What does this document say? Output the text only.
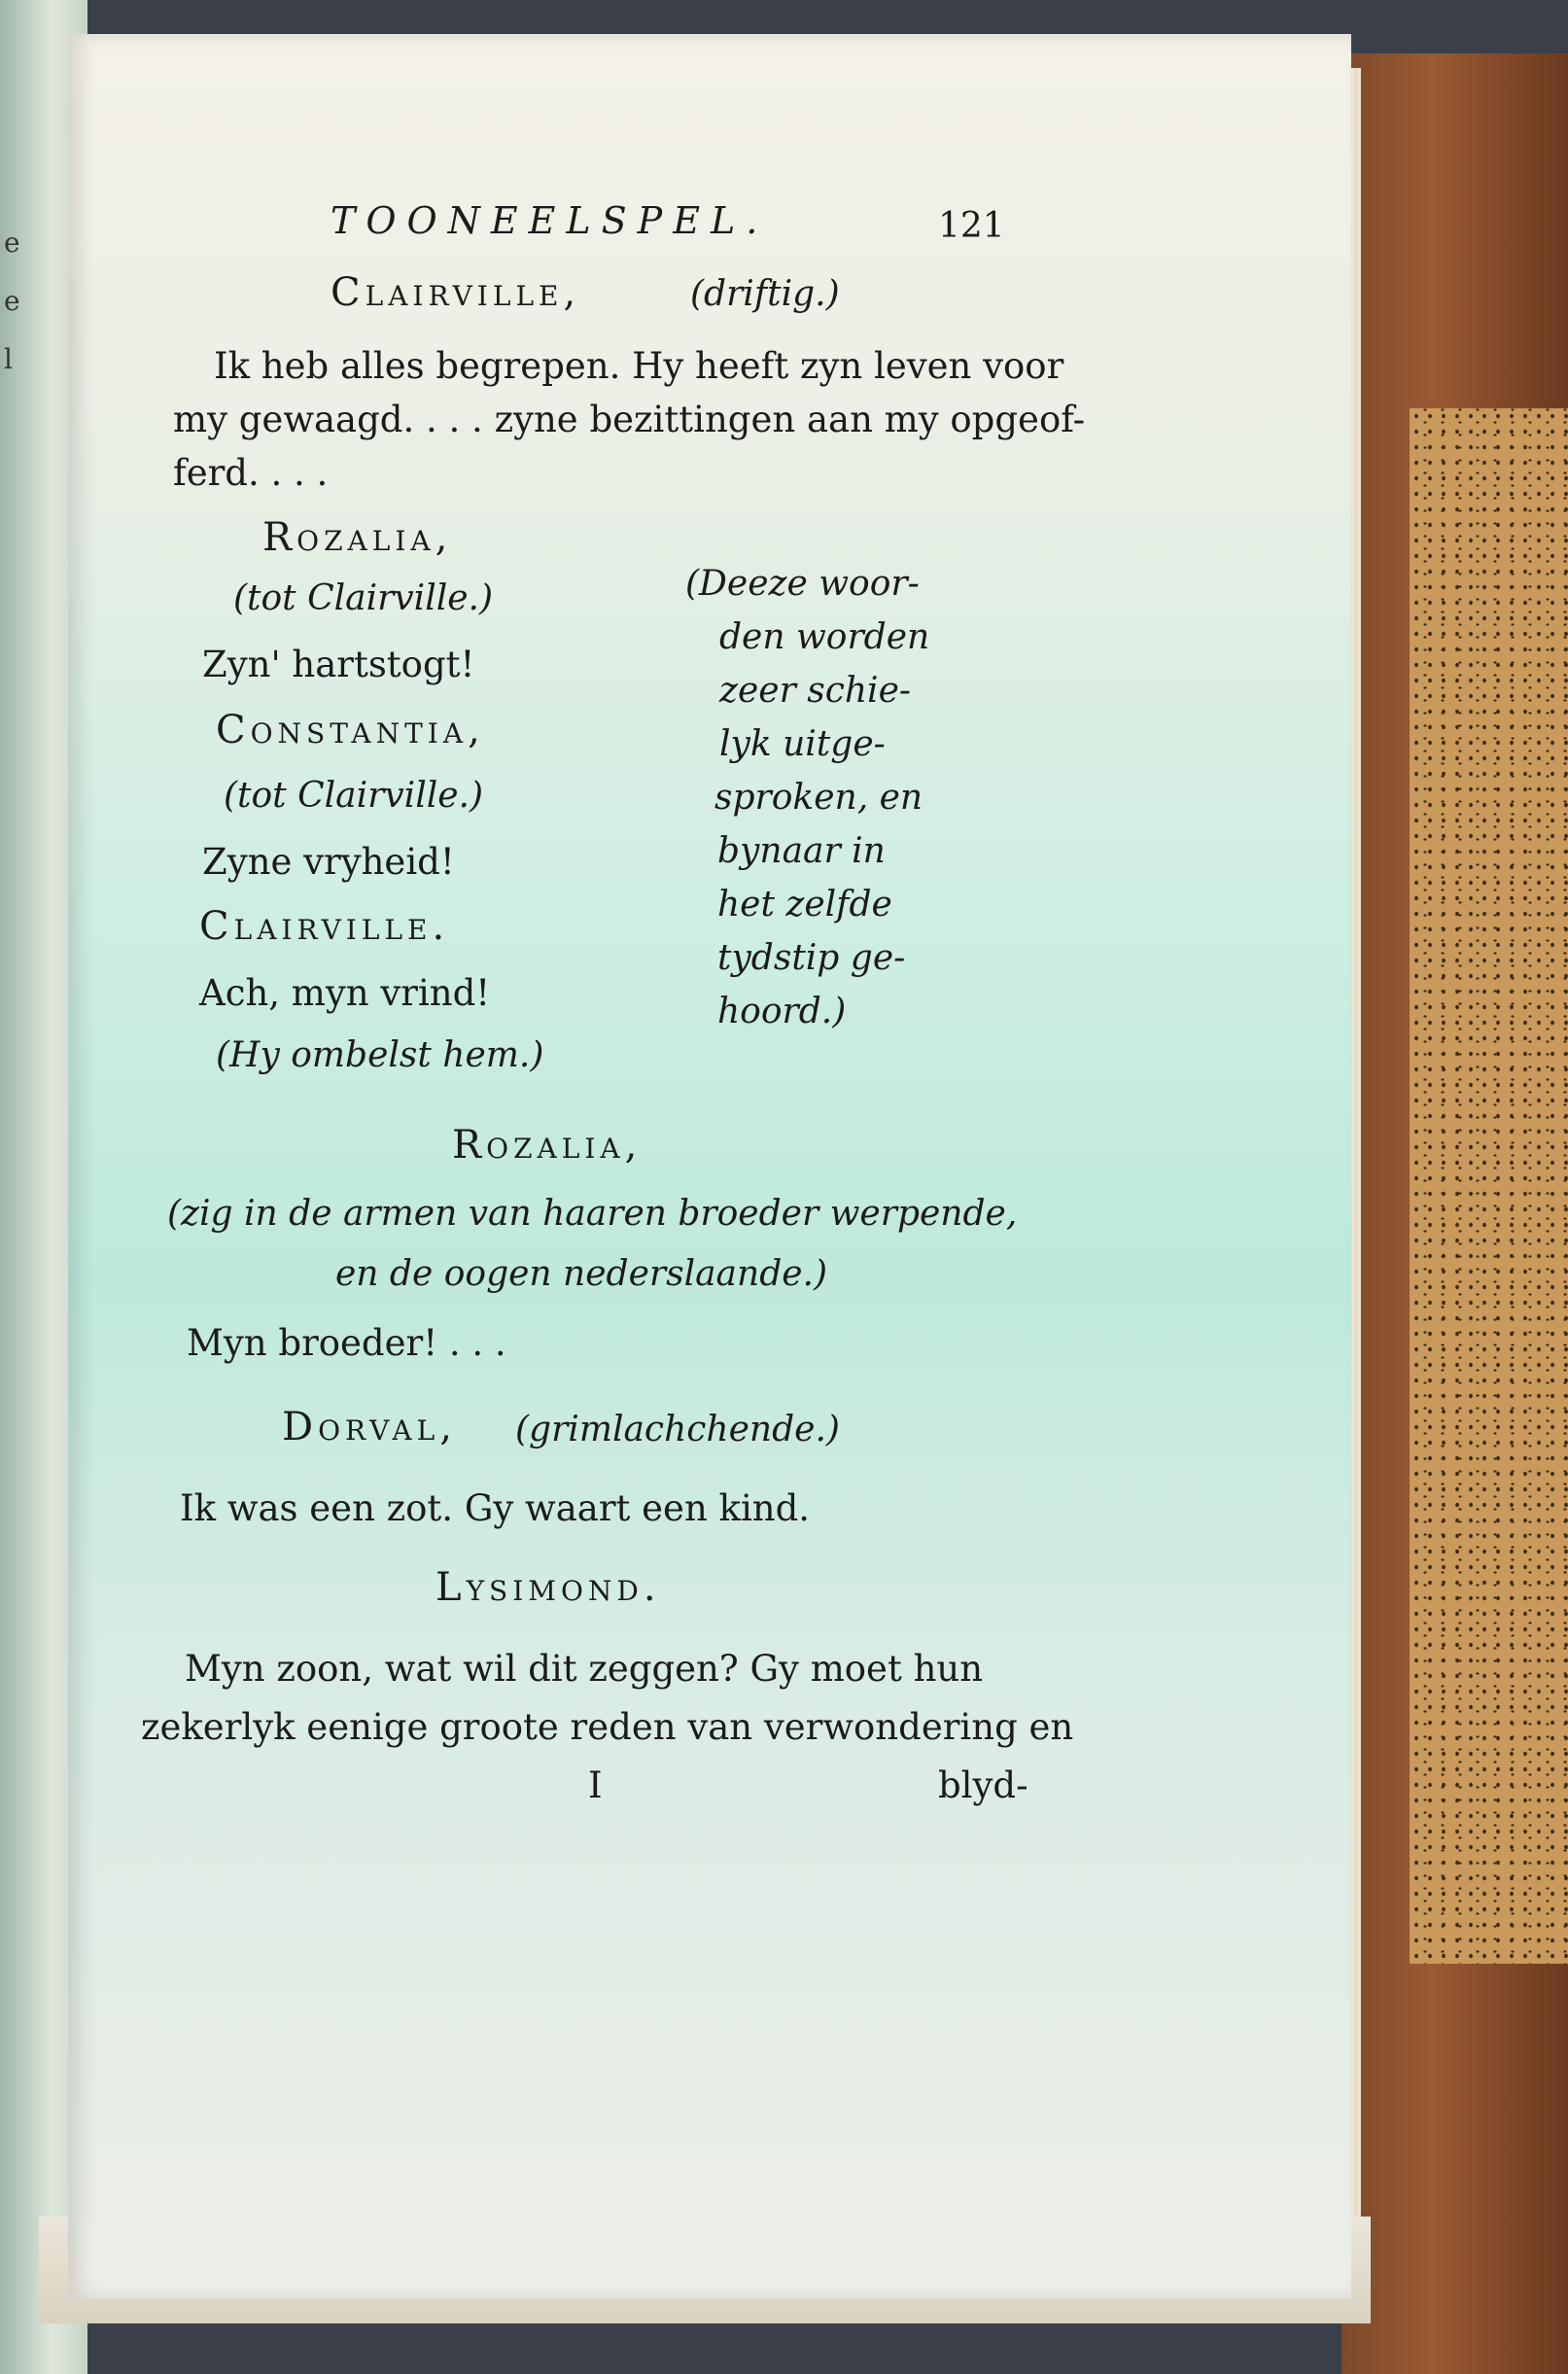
e
e
l
TOONEELSPEL.	121
Clairville,	(driftig.)
Ik heb alles begrepen. Hy heeft zyn leven voor
my gewaagd. . . . zyne bezittingen aan my opgeof-
ferd. . . .
Rozalia,
(tot Clairville.)
Zyn' hartstogt!
Constantia,
(tot Clairville.)
Zyne vryheid!
Clairville.
Ach, myn vrind!
(Hy ombelst hem.)
(Deeze woor-
den worden
zeer schie-
lyk uitge-
sproken, en
bynaar in
het zelfde
tydstip ge-
hoord.)
Rozalia,
(zig in de armen van haaren broeder werpende,
en de oogen nederslaande.)
Myn broeder! . . .
Dorval, (grimlachchende.)
Ik was een zot. Gy waart een kind.
Lysimond.
Myn zoon, wat wil dit zeggen? Gy moet hun
zekerlyk eenige groote reden van verwondering en
I	blyd-
